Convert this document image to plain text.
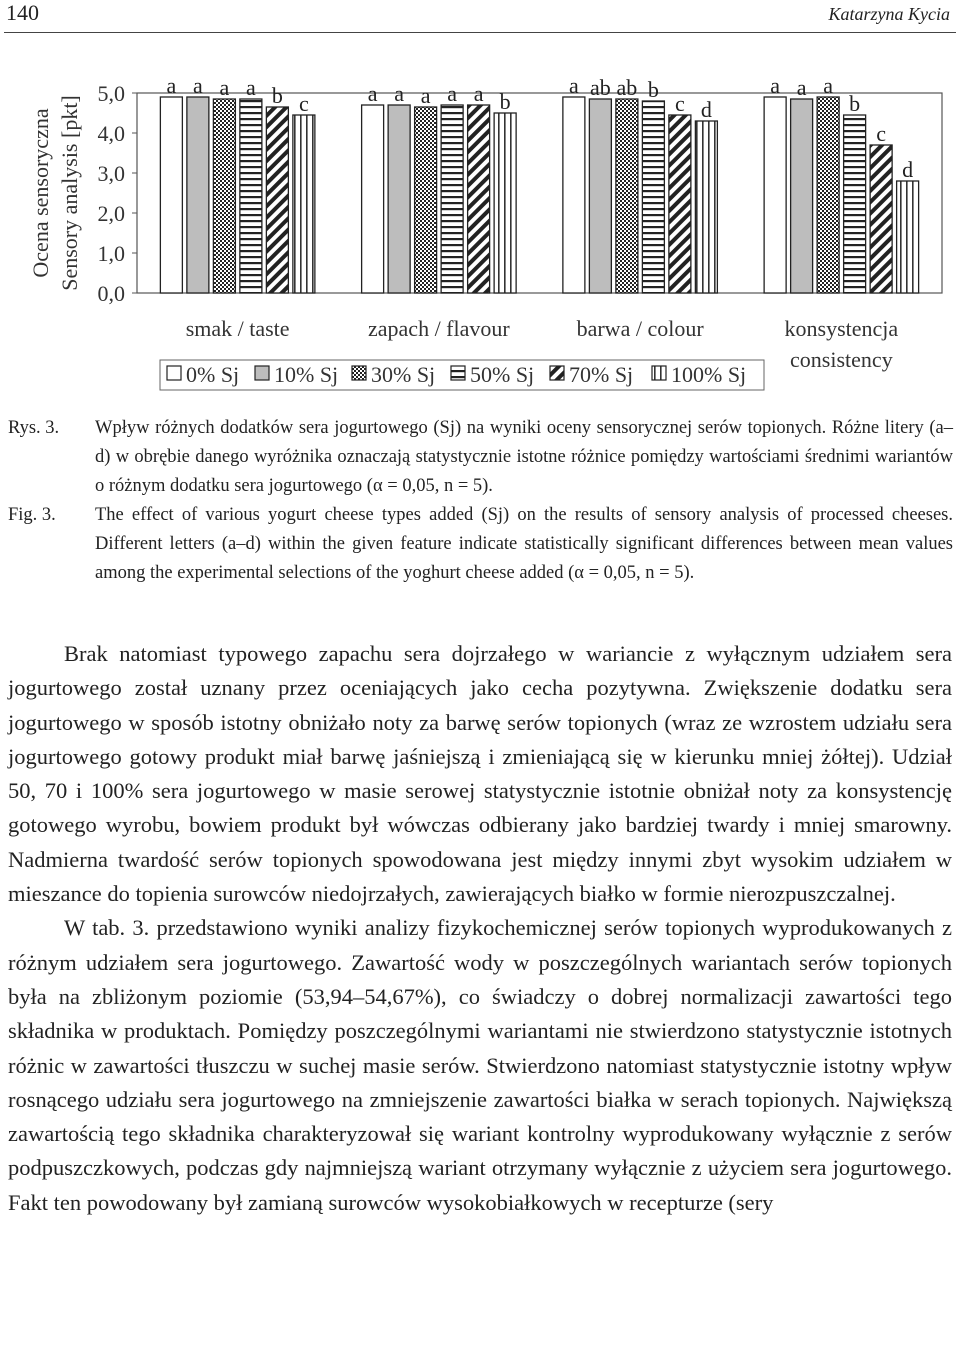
140	Katarzyna Kycia
5,0
4,0
3,0
2,0
1,0
0,0
Ocena sensoryczna Sensory analysis [pkt]
a a a a b c
smak / taste
a a a a a b
zapach / flavour
a ab ab b
c d
barwa / colour
a a a
b
c
d
konsystencja
consistency
0% Sj 10% Sj 30% Sj 50% Sj 70% Sj 100% Sj
Rys. 3. Wpływ różnych dodatków sera jogurtowego (Sj) na wyniki oceny sensorycznej serów topionych. Różne litery (a–d) w obrębie danego wyróżnika oznaczają statystycznie istotne różnice pomiędzy wartościami średnimi wariantów o różnym dodatku sera jogurtowego (α = 0,05, n = 5).
Fig. 3. The effect of various yogurt cheese types added (Sj) on the results of sensory analysis of processed cheeses. Different letters (a–d) within the given feature indicate statistically significant differences between mean values among the experimental selections of the yoghurt cheese added (α = 0,05, n = 5).

Brak natomiast typowego zapachu sera dojrzałego w wariancie z wyłącznym udziałem sera jogurtowego został uznany przez oceniających jako cecha pozytywna. Zwiększenie dodatku sera jogurtowego w sposób istotny obniżało noty za barwę serów topionych (wraz ze wzrostem udziału sera jogurtowego gotowy produkt miał barwę jaśniejszą i zmieniającą się w kierunku mniej żółtej). Udział 50, 70 i 100% sera jogurtowego w masie serowej statystycznie istotnie obniżał noty za konsystencję gotowego wyrobu, bowiem produkt był wówczas odbierany jako bardziej twardy i mniej smarowny. Nadmierna twardość serów topionych spowodowana jest między innymi zbyt wysokim udziałem w mieszance do topienia surowców niedojrzałych, zawierających białko w formie nierozpuszczalnej.

W tab. 3. przedstawiono wyniki analizy fizykochemicznej serów topionych wyprodukowanych z różnym udziałem sera jogurtowego. Zawartość wody w poszczególnych wariantach serów topionych była na zbliżonym poziomie (53,94–54,67%), co świadczy o dobrej normalizacji zawartości tego składnika w produktach. Pomiędzy poszczególnymi wariantami nie stwierdzono statystycznie istotnych różnic w zawartości tłuszczu w suchej masie serów. Stwierdzono natomiast statystycznie istotny wpływ rosnącego udziału sera jogurtowego na zmniejszenie zawartości białka w serach topionych. Największą zawartością tego składnika charakteryzował się wariant kontrolny wyprodukowany wyłącznie z serów podpuszczkowych, podczas gdy najmniejszą wariant otrzymany wyłącznie z użyciem sera jogurtowego. Fakt ten powodowany był zamianą surowców wysokobiałkowych w recepturze (sery
